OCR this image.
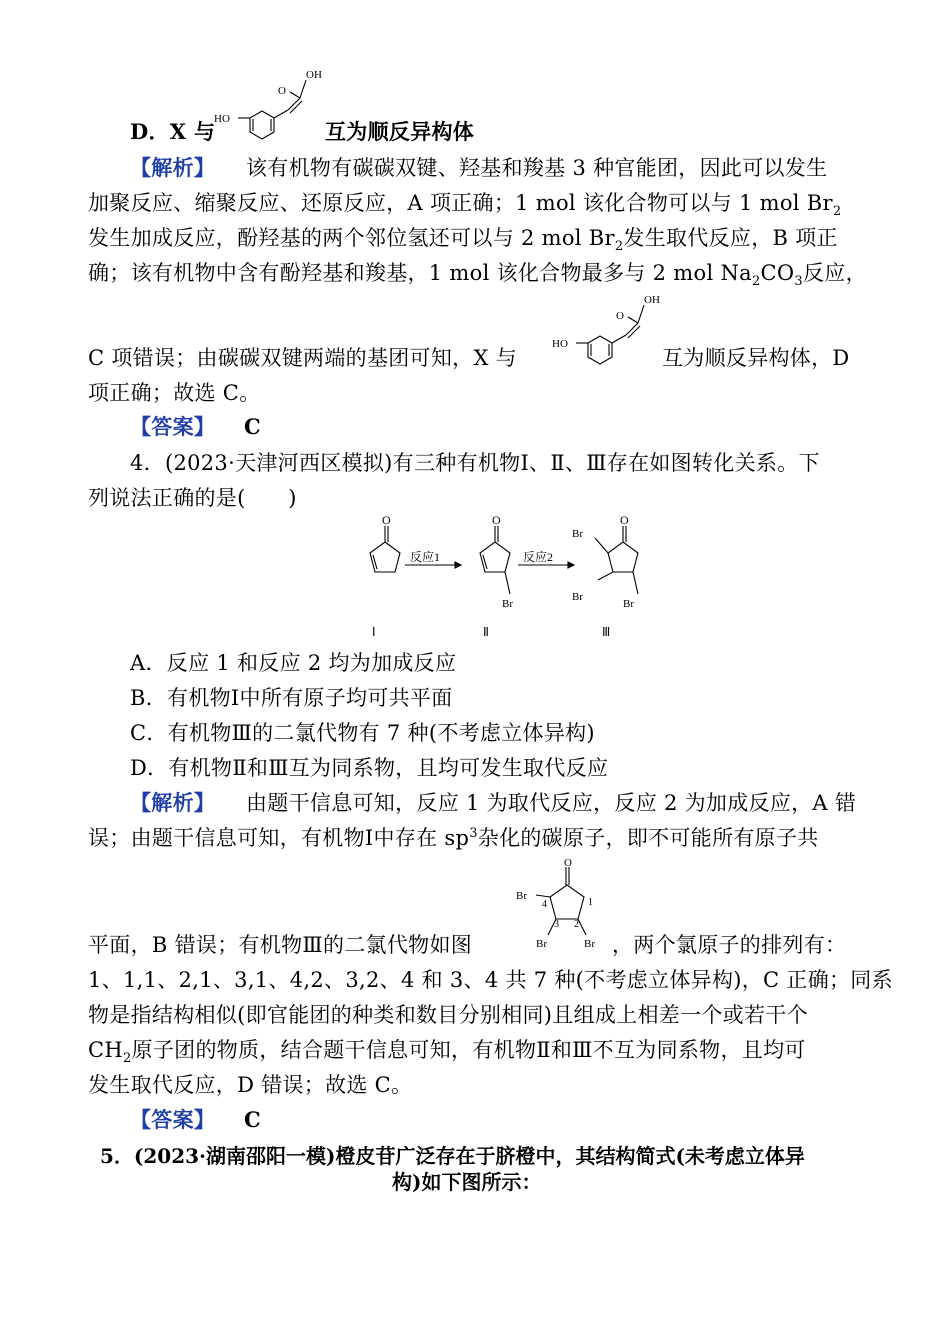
D．X 与
HO
OH
O
互为顺反异构体
【解析】 该有机物有碳碳双键、羟基和羧基 3 种官能团，因此可以发生
加聚反应、缩聚反应、还原反应，A 项正确；1 mol 该化合物可以与 1 mol $Br_2$
发生加成反应，酚羟基的两个邻位氢还可以与 2 mol $Br_2$发生取代反应，B 项正
确；该有机物中含有酚羟基和羧基，1 mol 该化合物最多与 2 mol $Na_2CO_3$反应，
C 项错误；由碳碳双键两端的基团可知，X 与
HO
OH
O
互为顺反异构体，D
项正确；故选 C。
【答案】 C
4．(2023·天津河西区模拟)有三种有机物Ⅰ、Ⅱ、Ⅲ存在如图转化关系。下
列说法正确的是(　　)
O	O	O
反应1	反应2
Br
Br
Br
Br
Ⅰ	Ⅱ	Ⅲ
A．反应 1 和反应 2 均为加成反应
B．有机物Ⅰ中所有原子均可共平面
C．有机物Ⅲ的二氯代物有 7 种(不考虑立体异构)
D．有机物Ⅱ和Ⅲ互为同系物，且均可发生取代反应
【解析】 由题干信息可知，反应 1 为取代反应，反应 2 为加成反应，A 错
误；由题干信息可知，有机物Ⅰ中存在 $sp^3$杂化的碳原子，即不可能所有原子共
平面，B 错误；有机物Ⅲ的二氯代物如图
O
Br
Br	Br
1
2
3
4
，两个氯原子的排列有：
1、1,1、2,1、3,1、4,2、3,2、4 和 3、4 共 7 种(不考虑立体异构)，C 正确；同系
物是指结构相似(即官能团的种类和数目分别相同)且组成上相差一个或若干个
$CH_2$原子团的物质，结合题干信息可知，有机物Ⅱ和Ⅲ不互为同系物，且均可
发生取代反应，D 错误；故选 C。
【答案】 C
5．(2023·湖南邵阳一模)橙皮苷广泛存在于脐橙中，其结构简式(未考虑立体异
构)如下图所示：
